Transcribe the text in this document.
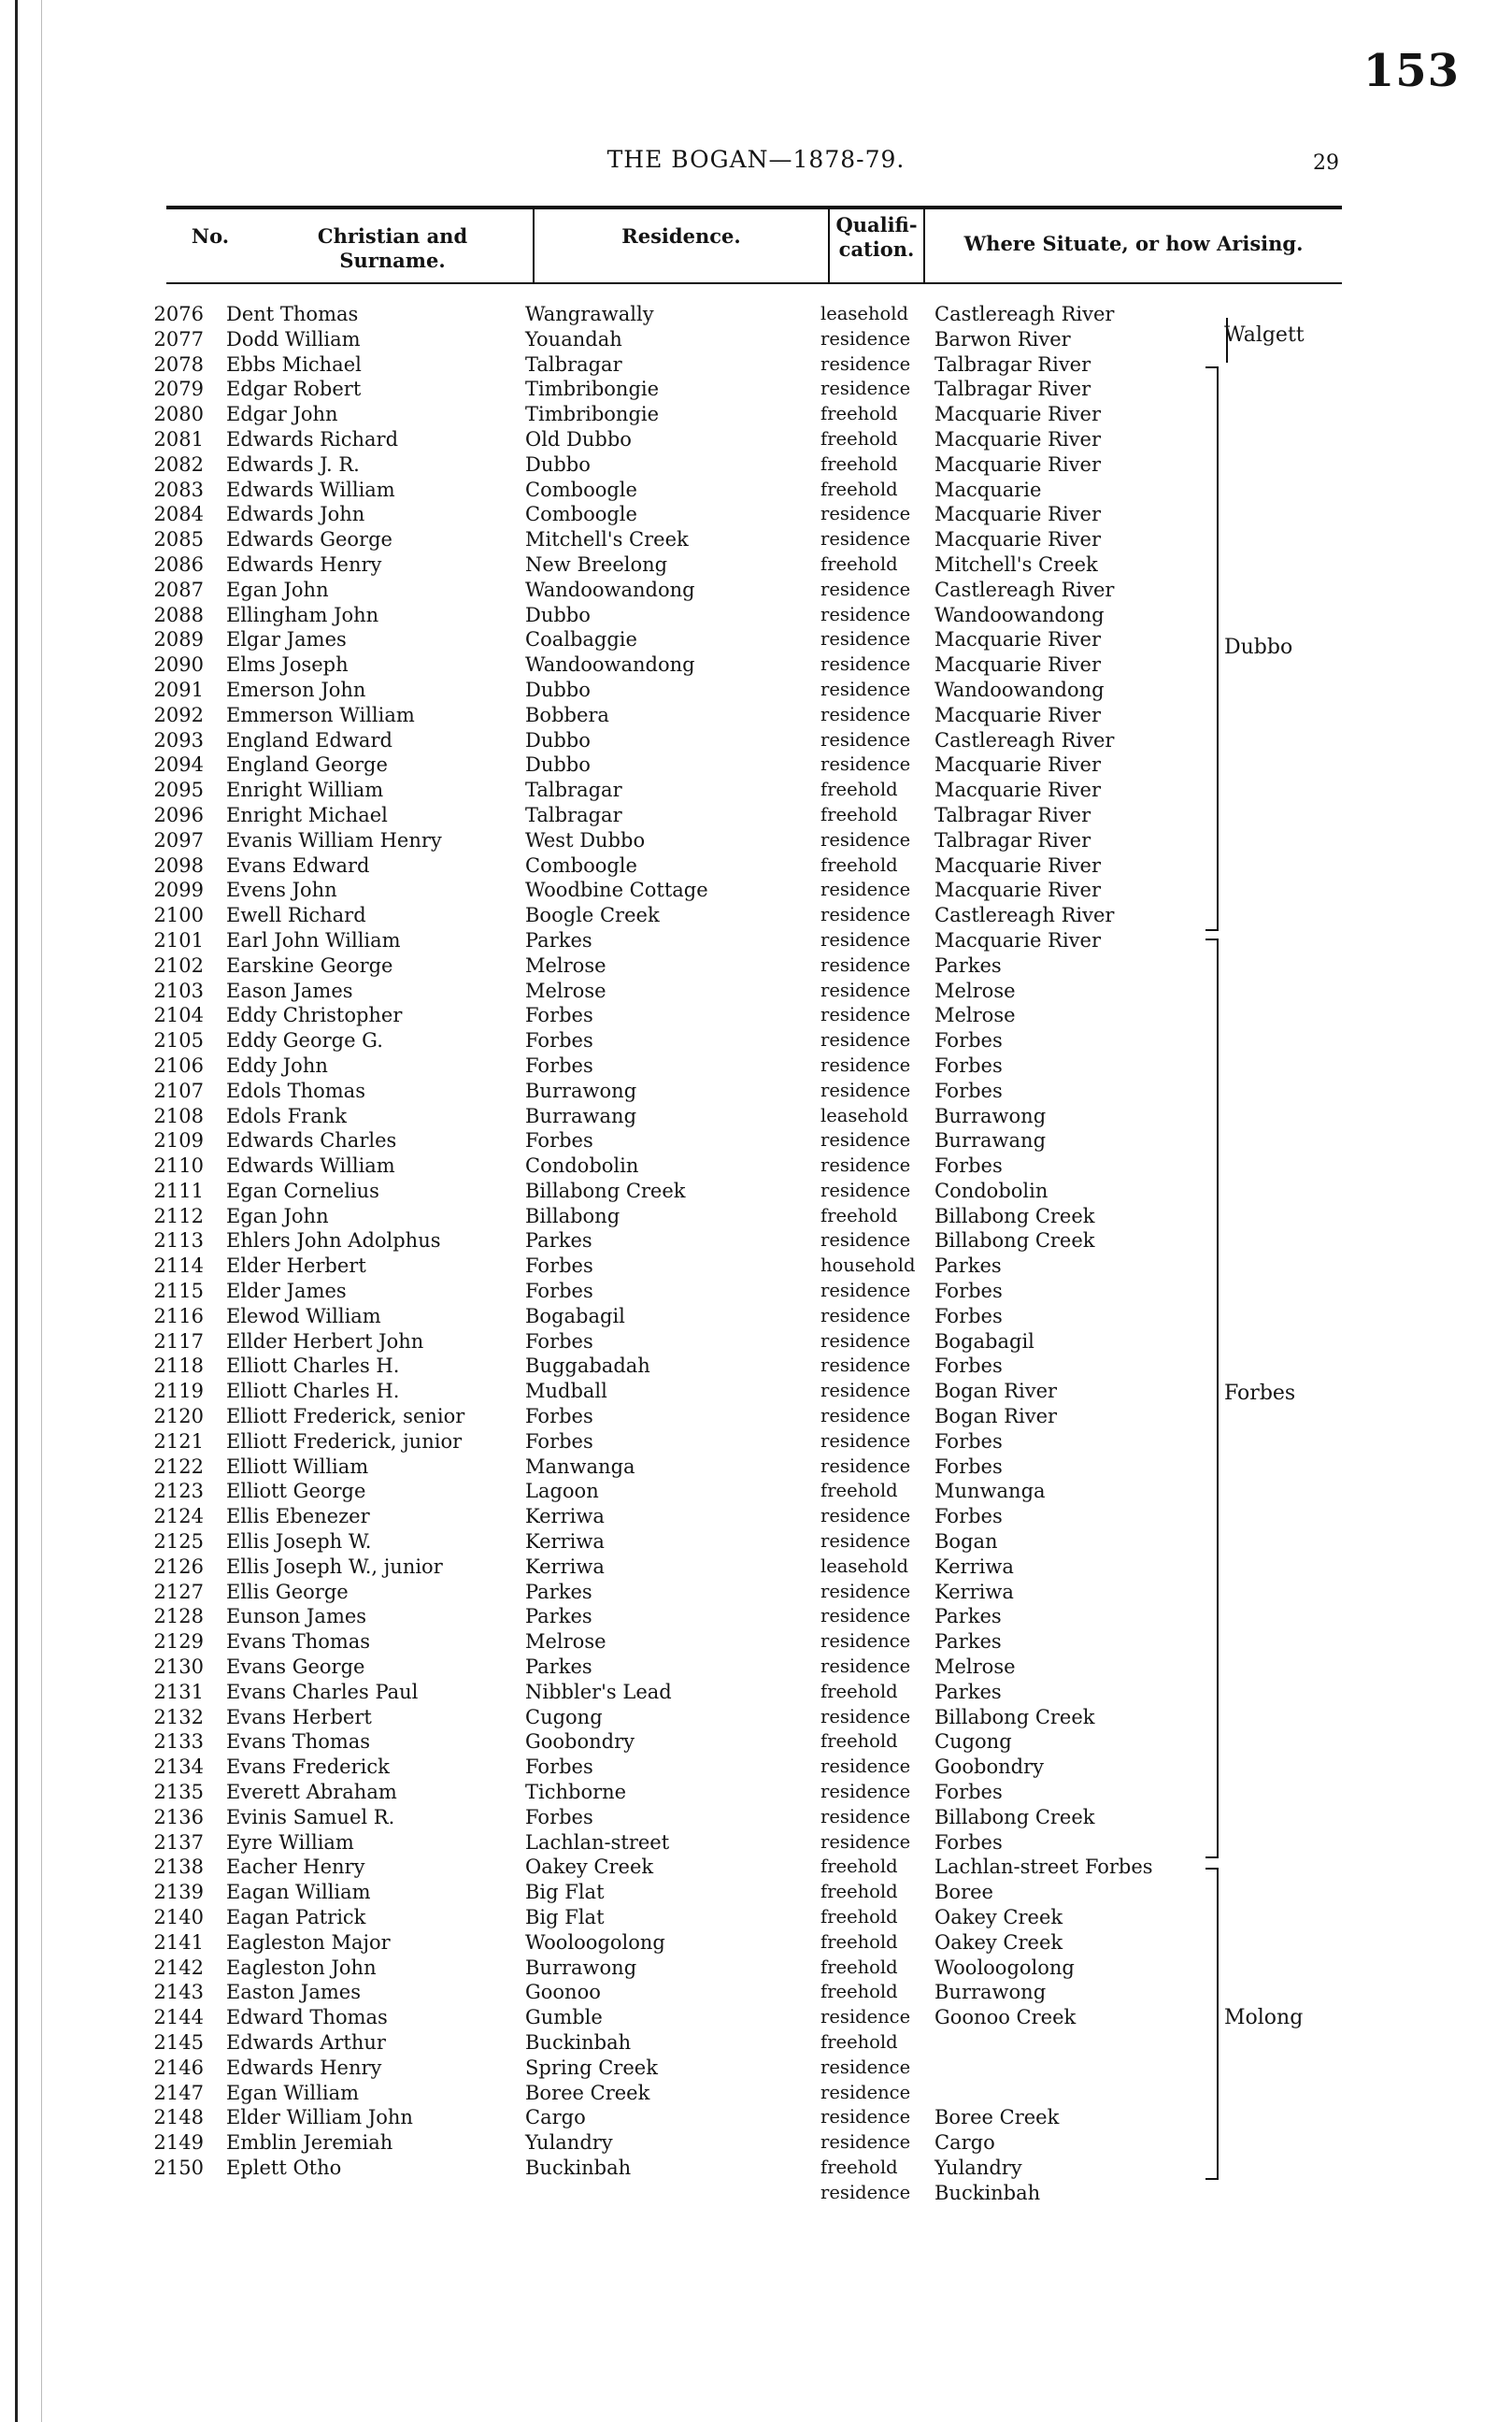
153
THE BOGAN—1878-79.	29
No.	Christian and Surname.
Residence.	Qualifi-
cation.	Where Situate, or how Arising.
2076 Dent Thomas	Wangrawally	leasehold Castlereagh River
2077 Dodd William	Youandah	residence Barwon River
2078 Ebbs Michael	Talbragar	residence Talbragar River
2079 Edgar Robert	Timbribongie	residence Talbragar River
2080 Edgar John	Timbribongie	freehold Macquarie River
2081 Edwards Richard	Old Dubbo	freehold Macquarie River
2082 Edwards J. R.	Dubbo	freehold Macquarie River
2083 Edwards William	Comboogle	freehold Macquarie
2084 Edwards John	Comboogle	residence Macquarie River
2085 Edwards George	Mitchell's Creek	residence Macquarie River
2086 Edwards Henry	New Breelong	freehold Mitchell's Creek
2087 Egan John	Wandoowandong	residence Castlereagh River
2088 Ellingham John	Dubbo	residence Wandoowandong
2089 Elgar James	Coalbaggie	residence Macquarie River
2090 Elms Joseph	Wandoowandong	residence Macquarie River
2091 Emerson John	Dubbo	residence Wandoowandong
2092 Emmerson William	Bobbera	residence Macquarie River
2093 England Edward	Dubbo	residence Castlereagh River
2094 England George	Dubbo	residence Macquarie River
2095 Enright William	Talbragar	freehold Macquarie River
2096 Enright Michael	Talbragar	freehold Talbragar River
2097 Evanis William Henry	West Dubbo	residence Talbragar River
2098 Evans Edward	Comboogle	freehold Macquarie River
2099 Evens John	Woodbine Cottage	residence Macquarie River
2100 Ewell Richard	Boogle Creek	residence Castlereagh River
2101 Earl John William	Parkes	residence Macquarie River
2102 Earskine George	Melrose	residence Parkes
2103 Eason James	Melrose	residence Melrose
2104 Eddy Christopher	Forbes	residence Melrose
2105 Eddy George G.	Forbes	residence Forbes
2106 Eddy John	Forbes	residence Forbes
2107 Edols Thomas	Burrawong	residence Forbes
2108 Edols Frank	Burrawang	leasehold Burrawong
2109 Edwards Charles	Forbes	residence Burrawang
2110 Edwards William	Condobolin	residence Forbes
2111 Egan Cornelius	Billabong Creek	residence Condobolin
2112 Egan John	Billabong	freehold Billabong Creek
2113 Ehlers John Adolphus	Parkes	residence Billabong Creek
2114 Elder Herbert	Forbes	household Parkes
2115 Elder James	Forbes	residence Forbes
2116 Elewod William	Bogabagil	residence Forbes
2117 Ellder Herbert John	Forbes	residence Bogabagil
2118 Elliott Charles H.	Buggabadah	residence Forbes
2119 Elliott Charles H.	Mudball	residence Bogan River
2120 Elliott Frederick, senior	Forbes	residence Bogan River
2121 Elliott Frederick, junior	Forbes	residence Forbes
2122 Elliott William	Manwanga	residence Forbes
2123 Elliott George	Lagoon	freehold Munwanga
2124 Ellis Ebenezer	Kerriwa	residence Forbes
2125 Ellis Joseph W.	Kerriwa	residence Bogan
2126 Ellis Joseph W., junior	Kerriwa	leasehold Kerriwa
2127 Ellis George	Parkes	residence Kerriwa
2128 Eunson James	Parkes	residence Parkes
2129 Evans Thomas	Melrose	residence Parkes
2130 Evans George	Parkes	residence Melrose
2131 Evans Charles Paul	Nibbler's Lead	freehold Parkes
2132 Evans Herbert	Cugong	residence Billabong Creek
2133 Evans Thomas	Goobondry	freehold Cugong
2134 Evans Frederick	Forbes	residence Goobondry
2135 Everett Abraham	Tichborne	residence Forbes
2136 Evinis Samuel R.	Forbes	residence Billabong Creek
2137 Eyre William	Lachlan-street	residence Forbes
2138 Eacher Henry	Oakey Creek	freehold Lachlan-street Forbes
2139 Eagan William	Big Flat	freehold Boree
2140 Eagan Patrick	Big Flat	freehold Oakey Creek
2141 Eagleston Major	Wooloogolong	freehold Oakey Creek
2142 Eagleston John	Burrawong	freehold Wooloogolong
2143 Easton James	Goonoo	freehold Burrawong
2144 Edward Thomas	Gumble	residence Goonoo Creek
2145 Edwards Arthur	Buckinbah	freehold
2146 Edwards Henry	Spring Creek	residence
2147 Egan William	Boree Creek	residence
2148 Elder William John	Cargo	residence Boree Creek
2149 Emblin Jeremiah	Yulandry	residence Cargo
2150 Eplett Otho	Buckinbah	freehold Yulandry
residence Buckinbah
Walgett
Dubbo
Forbes
Molong
